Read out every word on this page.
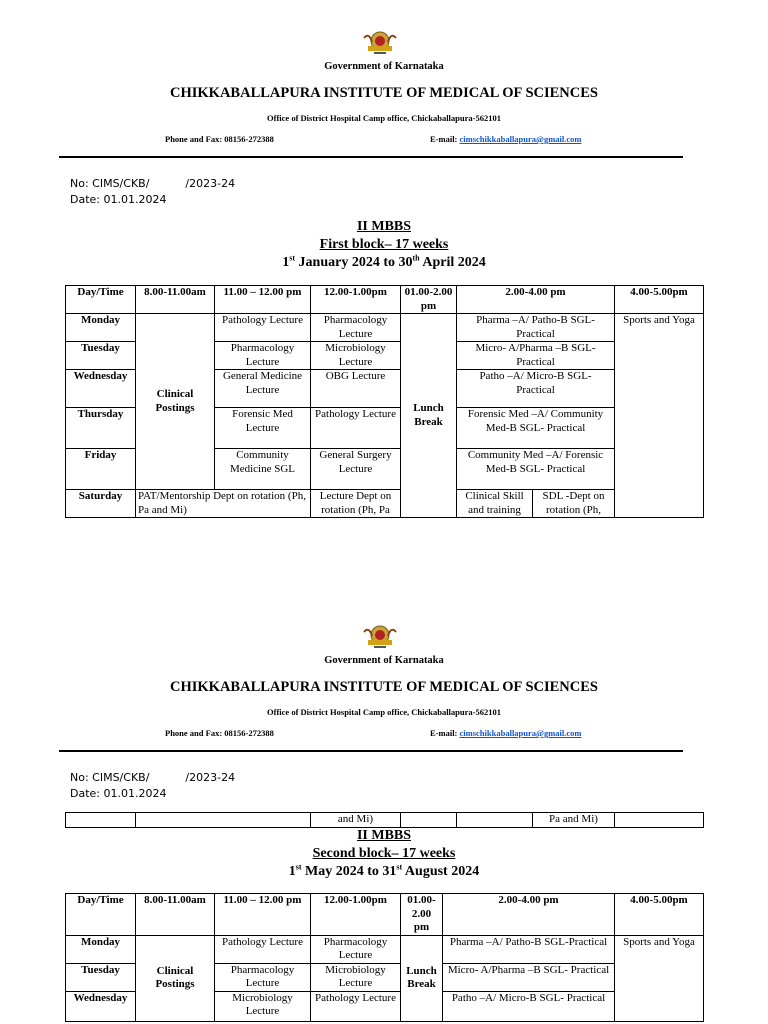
Government of Karnataka
CHIKKABALLAPURA INSTITUTE OF MEDICAL OF SCIENCES
Office of District Hospital Camp office, Chickaballapura-562101
Phone and Fax: 08156-272388	E-mail: cimschikkaballapura@gmail.com
No: CIMS/CKB/	/2023-24
Date: 01.01.2024
II MBBS
First block– 17 weeks
1st January 2024 to 30th April 2024
Day/Time	8.00-11.00am	11.00 – 12.00 pm	12.00-1.00pm	01.00-2.00 pm	2.00-4.00 pm		4.00-5.00pm
Monday	Clinical Postings	Pathology Lecture	Pharmacology Lecture	Lunch Break	Pharma –A/ Patho-B SGL-Practical		Sports and Yoga
Tuesday		Pharmacology Lecture	Microbiology Lecture		Micro- A/Pharma –B SGL- Practical		
Wednesday		General Medicine Lecture	OBG Lecture		Patho –A/ Micro-B SGL- Practical		
Thursday		Forensic Med Lecture	Pathology Lecture		Forensic Med –A/ Community Med-B SGL- Practical		
Friday		Community Medicine SGL	General Surgery Lecture		Community Med –A/ Forensic Med-B SGL- Practical		
Saturday	PAT/Mentorship Dept on rotation (Ph, Pa and Mi)		Lecture Dept on rotation (Ph, Pa		Clinical Skill and training	SDL -Dept on rotation (Ph,	
Government of Karnataka
CHIKKABALLAPURA INSTITUTE OF MEDICAL OF SCIENCES
Office of District Hospital Camp office, Chickaballapura-562101
Phone and Fax: 08156-272388	E-mail: cimschikkaballapura@gmail.com
No: CIMS/CKB/	/2023-24
Date: 01.01.2024
		and Mi)			Pa and Mi)	
II MBBS
Second block– 17 weeks
1st May 2024 to 31st August 2024
Day/Time	8.00-11.00am	11.00 – 12.00 pm	12.00-1.00pm	01.00-2.00 pm	2.00-4.00 pm	4.00-5.00pm
Monday	Clinical Postings	Pathology Lecture	Pharmacology Lecture	Lunch Break	Pharma –A/ Patho-B SGL-Practical	Sports and Yoga
Tuesday		Pharmacology Lecture	Microbiology Lecture		Micro- A/Pharma –B SGL- Practical	
Wednesday		Microbiology Lecture	Pathology Lecture		Patho –A/ Micro-B SGL- Practical	
